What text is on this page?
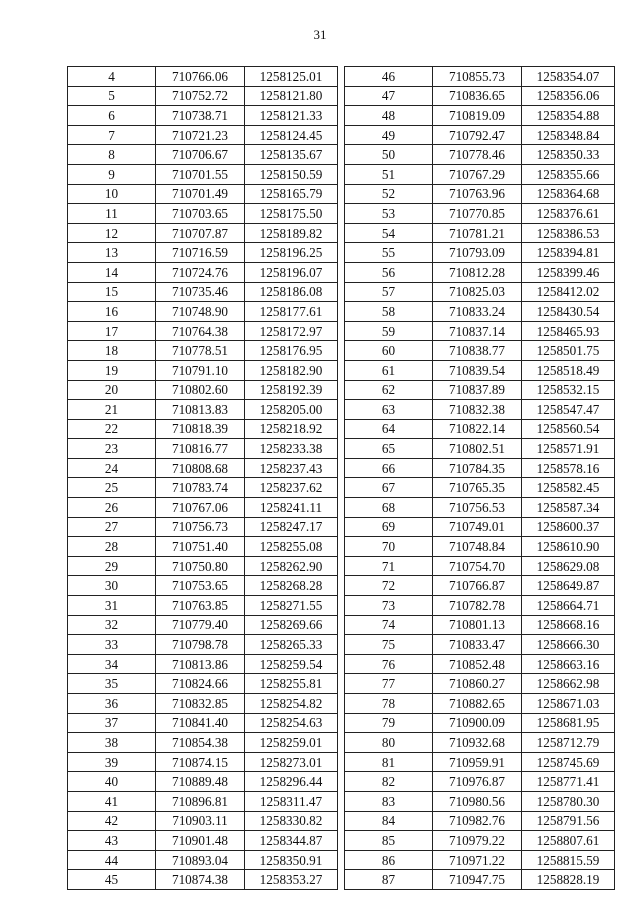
31
4	710766.06	1258125.01
5	710752.72	1258121.80
6	710738.71	1258121.33
7	710721.23	1258124.45
8	710706.67	1258135.67
9	710701.55	1258150.59
10	710701.49	1258165.79
11	710703.65	1258175.50
12	710707.87	1258189.82
13	710716.59	1258196.25
14	710724.76	1258196.07
15	710735.46	1258186.08
16	710748.90	1258177.61
17	710764.38	1258172.97
18	710778.51	1258176.95
19	710791.10	1258182.90
20	710802.60	1258192.39
21	710813.83	1258205.00
22	710818.39	1258218.92
23	710816.77	1258233.38
24	710808.68	1258237.43
25	710783.74	1258237.62
26	710767.06	1258241.11
27	710756.73	1258247.17
28	710751.40	1258255.08
29	710750.80	1258262.90
30	710753.65	1258268.28
31	710763.85	1258271.55
32	710779.40	1258269.66
33	710798.78	1258265.33
34	710813.86	1258259.54
35	710824.66	1258255.81
36	710832.85	1258254.82
37	710841.40	1258254.63
38	710854.38	1258259.01
39	710874.15	1258273.01
40	710889.48	1258296.44
41	710896.81	1258311.47
42	710903.11	1258330.82
43	710901.48	1258344.87
44	710893.04	1258350.91
45	710874.38	1258353.27
46	710855.73	1258354.07
47	710836.65	1258356.06
48	710819.09	1258354.88
49	710792.47	1258348.84
50	710778.46	1258350.33
51	710767.29	1258355.66
52	710763.96	1258364.68
53	710770.85	1258376.61
54	710781.21	1258386.53
55	710793.09	1258394.81
56	710812.28	1258399.46
57	710825.03	1258412.02
58	710833.24	1258430.54
59	710837.14	1258465.93
60	710838.77	1258501.75
61	710839.54	1258518.49
62	710837.89	1258532.15
63	710832.38	1258547.47
64	710822.14	1258560.54
65	710802.51	1258571.91
66	710784.35	1258578.16
67	710765.35	1258582.45
68	710756.53	1258587.34
69	710749.01	1258600.37
70	710748.84	1258610.90
71	710754.70	1258629.08
72	710766.87	1258649.87
73	710782.78	1258664.71
74	710801.13	1258668.16
75	710833.47	1258666.30
76	710852.48	1258663.16
77	710860.27	1258662.98
78	710882.65	1258671.03
79	710900.09	1258681.95
80	710932.68	1258712.79
81	710959.91	1258745.69
82	710976.87	1258771.41
83	710980.56	1258780.30
84	710982.76	1258791.56
85	710979.22	1258807.61
86	710971.22	1258815.59
87	710947.75	1258828.19
